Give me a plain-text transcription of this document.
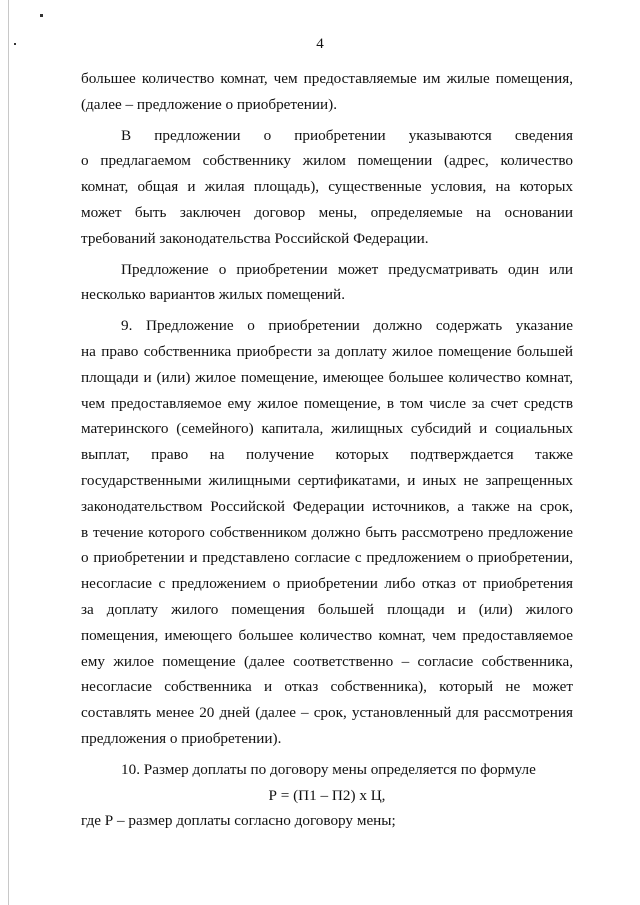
4
большее количество комнат, чем предоставляемые им жилые помещения,
(далее – предложение о приобретении).
В предложении о приобретении указываются сведения
о предлагаемом собственнику жилом помещении (адрес, количество
комнат, общая и жилая площадь), существенные условия, на которых
может быть заключен договор мены, определяемые на основании
требований законодательства Российской Федерации.
Предложение о приобретении может предусматривать один или
несколько вариантов жилых помещений.
9. Предложение о приобретении должно содержать указание
на право собственника приобрести за доплату жилое помещение большей
площади и (или) жилое помещение, имеющее большее количество комнат,
чем предоставляемое ему жилое помещение, в том числе за счет средств
материнского (семейного) капитала, жилищных субсидий и социальных
выплат, право на получение которых подтверждается также
государственными жилищными сертификатами, и иных не запрещенных
законодательством Российской Федерации источников, а также на срок,
в течение которого собственником должно быть рассмотрено предложение
о приобретении и представлено согласие с предложением о приобретении,
несогласие с предложением о приобретении либо отказ от приобретения
за доплату жилого помещения большей площади и (или) жилого
помещения, имеющего большее количество комнат, чем предоставляемое
ему жилое помещение (далее соответственно – согласие собственника,
несогласие собственника и отказ собственника), который не может
составлять менее 20 дней (далее – срок, установленный для рассмотрения
предложения о приобретении).
10. Размер доплаты по договору мены определяется по формуле
Р = (П1 – П2) x Ц,
где Р – размер доплаты согласно договору мены;
